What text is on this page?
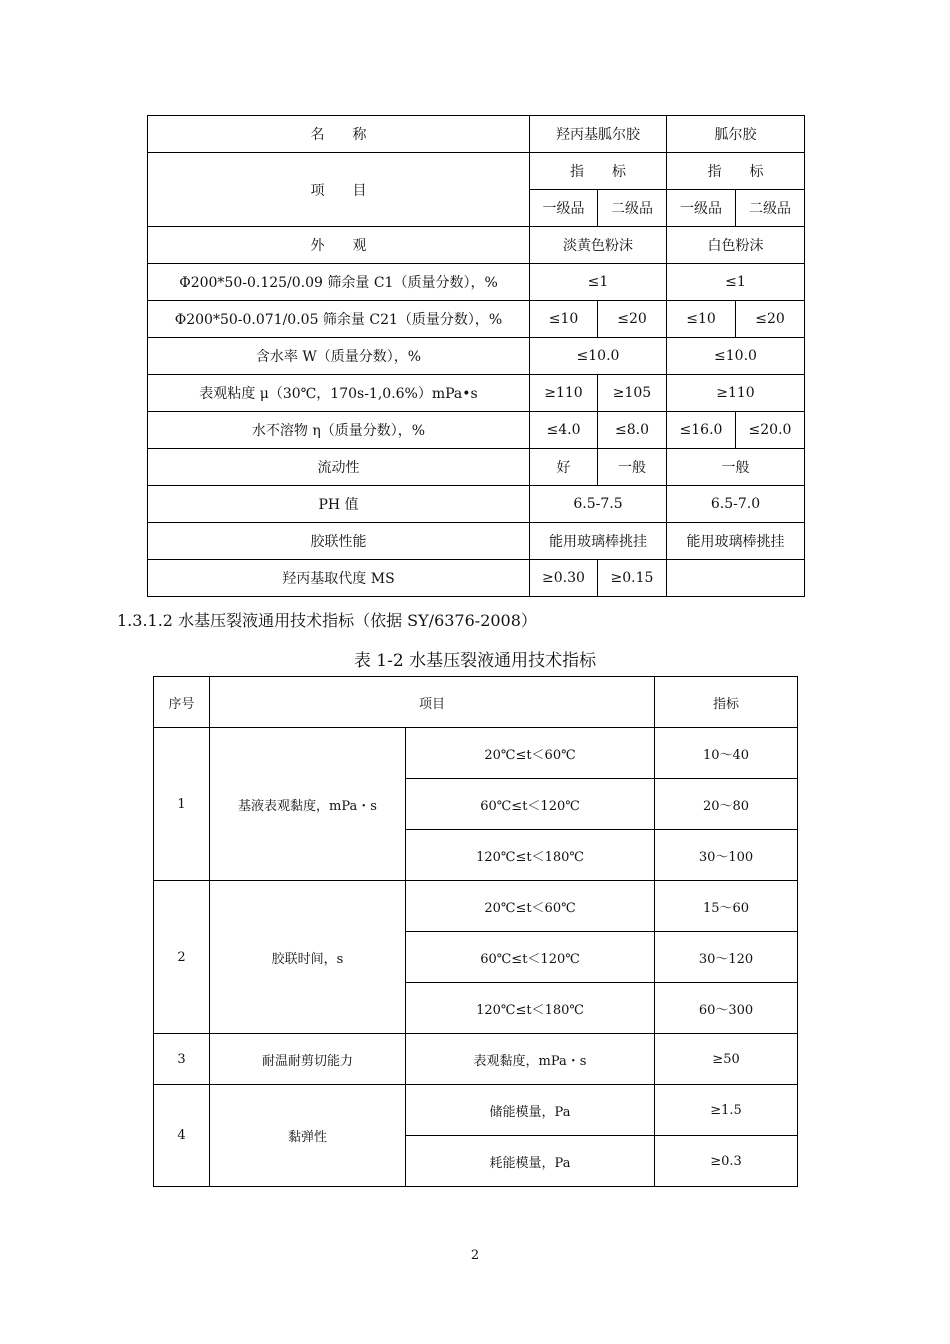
名　　称	羟丙基胍尔胶		胍尔胶	
项　　目	指　　标		指　　标	
	一级品	二级品	一级品	二级品
外　　观	淡黄色粉沫		白色粉沫	
Φ200*50-0.125/0.09 筛余量 C1（质量分数），%	≤1		≤1	
Φ200*50-0.071/0.05 筛余量 C21（质量分数），%	≤10	≤20	≤10	≤20
含水率 W（质量分数），%	≤10.0		≤10.0	
表观粘度 μ（30℃，170s-1,0.6%）mPa•s	≥110	≥105	≥110	
水不溶物 η（质量分数），%	≤4.0	≤8.0	≤16.0	≤20.0
流动性	好	一般	一般	
PH 值	6.5-7.5		6.5-7.0	
胶联性能	能用玻璃棒挑挂		能用玻璃棒挑挂	
羟丙基取代度 MS	≥0.30	≥0.15		
1.3.1.2 水基压裂液通用技术指标（依据 SY/6376-2008）
表 1-2 水基压裂液通用技术指标
序号	项目		指标
1	基液表观黏度，mPa・s	20℃≤t＜60℃	10～40
		60℃≤t＜120℃	20～80
		120℃≤t＜180℃	30～100
2	胶联时间，s	20℃≤t＜60℃	15～60
		60℃≤t＜120℃	30～120
		120℃≤t＜180℃	60～300
3	耐温耐剪切能力	表观黏度，mPa・s	≥50
4	黏弹性	储能模量，Pa	≥1.5
		耗能模量，Pa	≥0.3
2
